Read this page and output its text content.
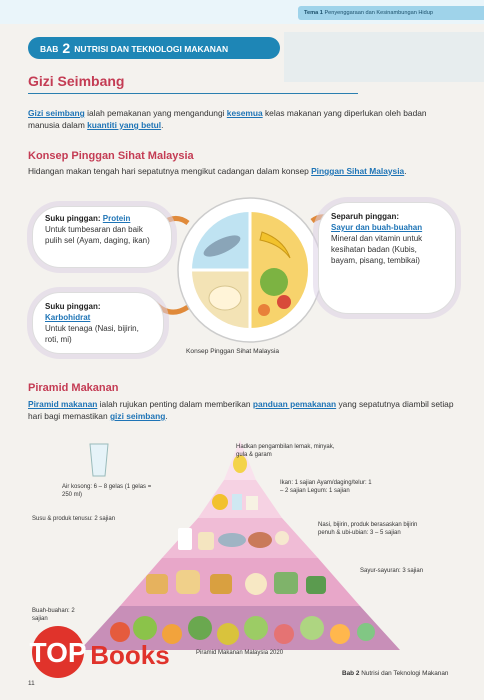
Tema 1 Penyenggaraan dan Kesinambungan Hidup
BAB 2 NUTRISI DAN TEKNOLOGI MAKANAN
Gizi Seimbang

Gizi seimbang ialah pemakanan yang mengandungi kesemua kelas makanan yang diperlukan oleh badan manusia dalam kuantiti yang betul.

Konsep Pinggan Sihat Malaysia

Hidangan makan tengah hari sepatutnya mengikut cadangan dalam konsep Pinggan Sihat Malaysia.

Suku pinggan: Protein
Untuk tumbesaran dan baik pulih sel (Ayam, daging, ikan)
Separuh pinggan:
Sayur dan buah-buahan
Mineral dan vitamin untuk kesihatan badan (Kubis, bayam, pisang, tembikai)
Suku pinggan:
Karbohidrat
Untuk tenaga (Nasi, bijirin, roti, mi)
Konsep Pinggan Sihat Malaysia
Piramid Makanan

Piramid makanan ialah rujukan penting dalam memberikan panduan pemakanan yang sepatutnya diambil setiap hari bagi memastikan gizi seimbang.

Hadkan pengambilan lemak, minyak, gula & garam
Air kosong: 6 – 8 gelas (1 gelas = 250 ml)
Ikan: 1 sajian Ayam/daging/telur: 1 – 2 sajian Legum: 1 sajian
Susu & produk tenusu: 2 sajian
Nasi, bijirin, produk berasaskan bijirin penuh & ubi-ubian: 3 – 5 sajian
Sayur-sayuran: 3 sajian
Buah-buahan: 2 sajian
Piramid Makanan Malaysia 2020
11
Bab 2 Nutrisi dan Teknologi Makanan
TOP Books
